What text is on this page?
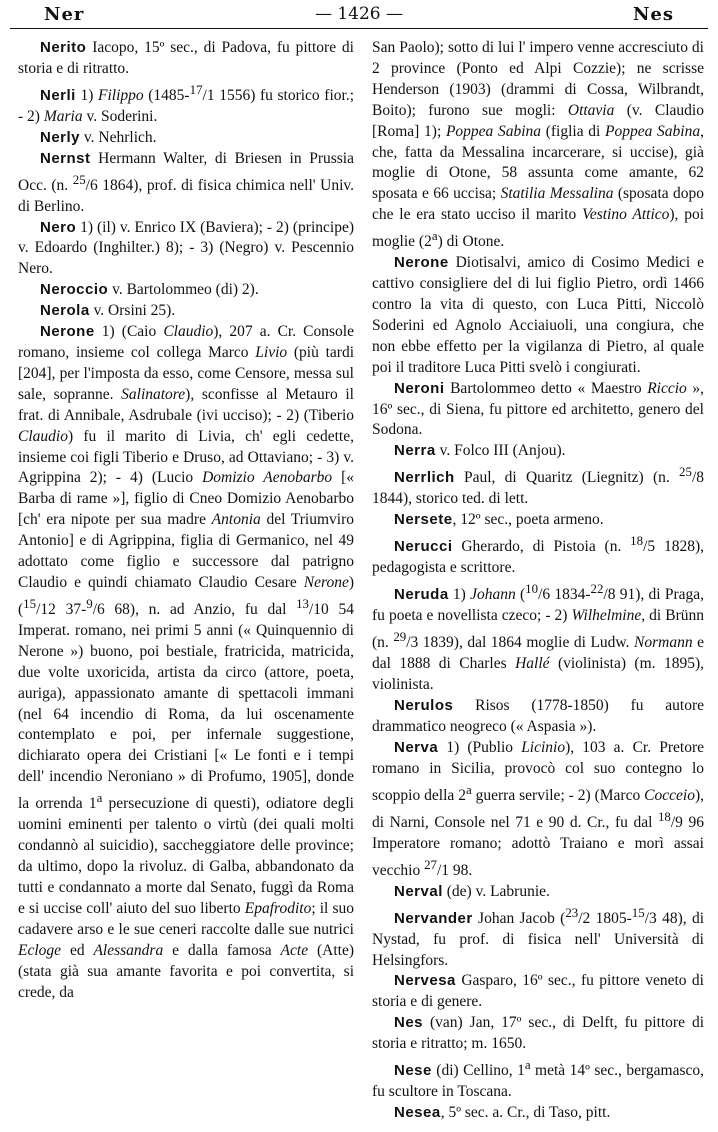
Ner	— 1426 —	Nes

Nerito Iacopo, 15º sec., di Padova, fu pittore di storia e di ritratto.

Nerli 1) Filippo (1485-$^{17}$/1 1556) fu storico fior.; - 2) Maria v. Soderini.

Nerly v. Nehrlich.

Nernst Hermann Walter, di Briesen in Prussia Occ. (n. $^{25}$/6 1864), prof. di fisica chimica nell' Univ. di Berlino.

Nero 1) (il) v. Enrico IX (Baviera); - 2) (principe) v. Edoardo (Inghilter.) 8); - 3) (Negro) v. Pescennio Nero.

Neroccio v. Bartolommeo (di) 2).

Nerola v. Orsini 25).

Nerone 1) (Caio Claudio), 207 a. Cr. Console romano, insieme col collega Marco Livio (più tardi [204], per l'imposta da esso, come Censore, messa sul sale, sopranne. Salinatore), sconfisse al Metauro il frat. di Annibale, Asdrubale (ivi ucciso); - 2) (Tiberio Claudio) fu il marito di Livia, ch' egli cedette, insieme coi figli Tiberio e Druso, ad Ottaviano; - 3) v. Agrippina 2); - 4) (Lucio Domizio Aenobarbo [« Barba di rame »], figlio di Cneo Domizio Aenobarbo [ch' era nipote per sua madre Antonia del Triumviro Antonio] e di Agrippina, figlia di Germanico, nel 49 adottato come figlio e successore dal patrigno Claudio e quindi chiamato Claudio Cesare Nerone) ($^{15}$/12 37-$^9$/6 68), n. ad Anzio, fu dal $^{13}$/10 54 Imperat. romano, nei primi 5 anni (« Quinquennio di Nerone ») buono, poi bestiale, fratricida, matricida, due volte uxoricida, artista da circo (attore, poeta, auriga), appassionato amante di spettacoli immani (nel 64 incendio di Roma, da lui oscenamente contemplato e poi, per infernale suggestione, dichiarato opera dei Cristiani [« Le fonti e i tempi dell' incendio Neroniano » di Profumo, 1905], donde la orrenda 1$^a$ persecuzione di questi), odiatore degli uomini eminenti per talento o virtù (dei quali molti condannò al suicidio), saccheggiatore delle province; da ultimo, dopo la rivoluz. di Galba, abbandonato da tutti e condannato a morte dal Senato, fuggì da Roma e si uccise coll' aiuto del suo liberto Epafrodito; il suo cadavere arso e le sue ceneri raccolte dalle sue nutrici Ecloge ed Alessandra e dalla famosa Acte (Atte) (stata già sua amante favorita e poi convertita, si crede, da

San Paolo); sotto di lui l' impero venne accresciuto di 2 province (Ponto ed Alpi Cozzie); ne scrisse Henderson (1903) (drammi di Cossa, Wilbrandt, Boito); furono sue mogli: Ottavia (v. Claudio [Roma] 1); Poppea Sabina (figlia di Poppea Sabina, che, fatta da Messalina incarcerare, si uccise), già moglie di Otone, 58 assunta come amante, 62 sposata e 66 uccisa; Statilia Messalina (sposata dopo che le era stato ucciso il marito Vestino Attico), poi moglie (2$^a$) di Otone.

Nerone Diotisalvi, amico di Cosimo Medici e cattivo consigliere del di lui figlio Pietro, ordì 1466 contro la vita di questo, con Luca Pitti, Niccolò Soderini ed Agnolo Acciaiuoli, una congiura, che non ebbe effetto per la vigilanza di Pietro, al quale poi il traditore Luca Pitti svelò i congiurati.

Neroni Bartolommeo detto « Maestro Riccio », 16º sec., di Siena, fu pittore ed architetto, genero del Sodona.

Nerra v. Folco III (Anjou).

Nerrlich Paul, di Quaritz (Liegnitz) (n. $^{25}$/8 1844), storico ted. di lett.

Nersete, 12º sec., poeta armeno.

Nerucci Gherardo, di Pistoia (n. $^{18}$/5 1828), pedagogista e scrittore.

Neruda 1) Johann ($^{10}$/6 1834-$^{22}$/8 91), di Praga, fu poeta e novellista czeco; - 2) Wilhelmine, di Brünn (n. $^{29}$/3 1839), dal 1864 moglie di Ludw. Normann e dal 1888 di Charles Hallé (violinista) (m. 1895), violinista.

Nerulos Risos (1778-1850) fu autore drammatico neogreco (« Aspasia »).

Nerva 1) (Publio Licinio), 103 a. Cr. Pretore romano in Sicilia, provocò col suo contegno lo scoppio della 2$^a$ guerra servile; - 2) (Marco Cocceio), di Narni, Console nel 71 e 90 d. Cr., fu dal $^{18}$/9 96 Imperatore romano; adottò Traiano e morì assai vecchio $^{27}$/1 98.

Nerval (de) v. Labrunie.

Nervander Johan Jacob ($^{23}$/2 1805-$^{15}$/3 48), di Nystad, fu prof. di fisica nell' Università di Helsingfors.

Nervesa Gasparo, 16º sec., fu pittore veneto di storia e di genere.

Nes (van) Jan, 17º sec., di Delft, fu pittore di storia e ritratto; m. 1650.

Nese (di) Cellino, 1$^a$ metà 14º sec., bergamasco, fu scultore in Toscana.

Nesea, 5º sec. a. Cr., di Taso, pitt.
